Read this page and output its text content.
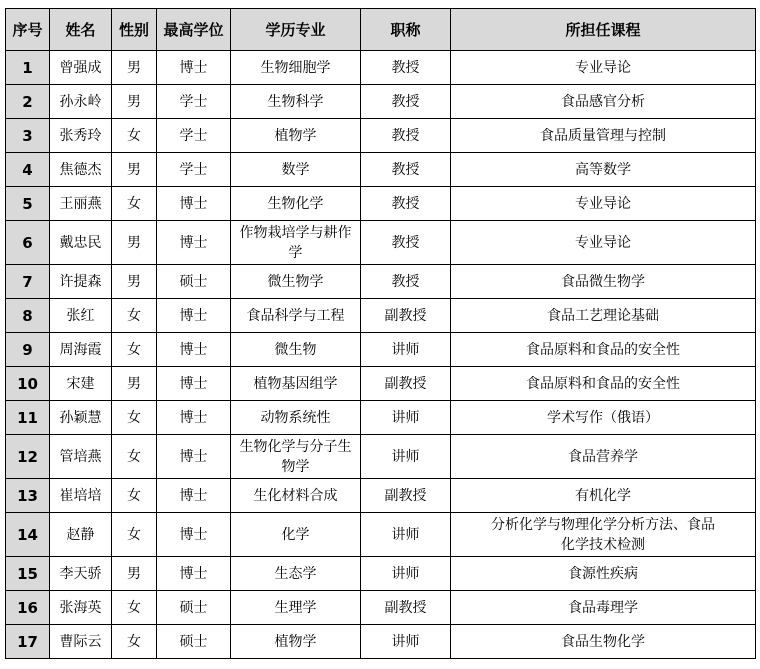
序号	姓名	性别	最高学位	学历专业	职称	所担任课程
1	曾强成	男	博士	生物细胞学	教授	专业导论
2	孙永岭	男	学士	生物科学	教授	食品感官分析
3	张秀玲	女	学士	植物学	教授	食品质量管理与控制
4	焦德杰	男	学士	数学	教授	高等数学
5	王丽燕	女	博士	生物化学	教授	专业导论
6	戴忠民	男	博士	作物栽培学与耕作学	教授	专业导论
7	许提森	男	硕士	微生物学	教授	食品微生物学
8	张红	女	博士	食品科学与工程	副教授	食品工艺理论基础
9	周海霞	女	博士	微生物	讲师	食品原料和食品的安全性
10	宋建	男	博士	植物基因组学	副教授	食品原料和食品的安全性
11	孙颖慧	女	博士	动物系统性	讲师	学术写作（俄语）
12	管培燕	女	博士	生物化学与分子生物学	讲师	食品营养学
13	崔培培	女	博士	生化材料合成	副教授	有机化学
14	赵静	女	博士	化学	讲师	分析化学与物理化学分析方法、食品化学技术检测
15	李天骄	男	博士	生态学	讲师	食源性疾病
16	张海英	女	硕士	生理学	副教授	食品毒理学
17	曹际云	女	硕士	植物学	讲师	食品生物化学
